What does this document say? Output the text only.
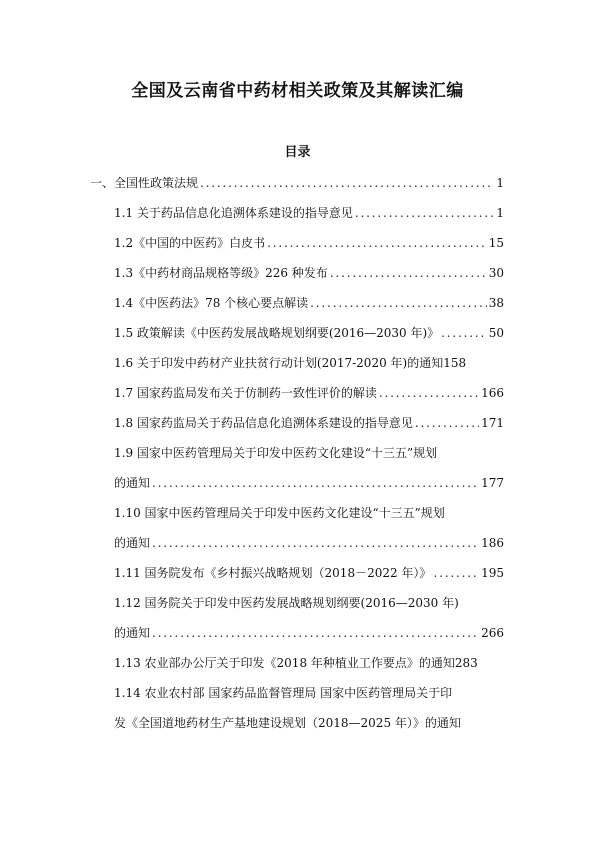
全国及云南省中药材相关政策及其解读汇编
目录
一、全国性政策法规 . . .	1
1.1 关于药品信息化追溯体系建设的指导意见 . . .	1
1.2《中国的中医药》白皮书 . . .	15
1.3《中药材商品规格等级》226 种发布 . . .	30
1.4《中医药法》78 个核心要点解读 . . .	38
1.5 政策解读《中医药发展战略规划纲要(2016—2030 年)》 . . .	50
1.6 关于印发中药材产业扶贫行动计划(2017-2020 年)的通知158
1.7 国家药监局发布关于仿制药一致性评价的解读 . . .	166
1.8 国家药监局关于药品信息化追溯体系建设的指导意见 . . .	171
1.9 国家中医药管理局关于印发中医药文化建设“十三五”规划
的通知 . . .	177
1.10 国家中医药管理局关于印发中医药文化建设“十三五”规划
的通知 . . .	186
1.11 国务院发布《乡村振兴战略规划（2018－2022 年）》 . . .	195
1.12 国务院关于印发中医药发展战略规划纲要(2016—2030 年)
的通知 . . .	266
1.13 农业部办公厅关于印发《2018 年种植业工作要点》的通知283
1.14 农业农村部 国家药品监督管理局 国家中医药管理局关于印
发《全国道地药材生产基地建设规划（2018—2025 年）》的通知
